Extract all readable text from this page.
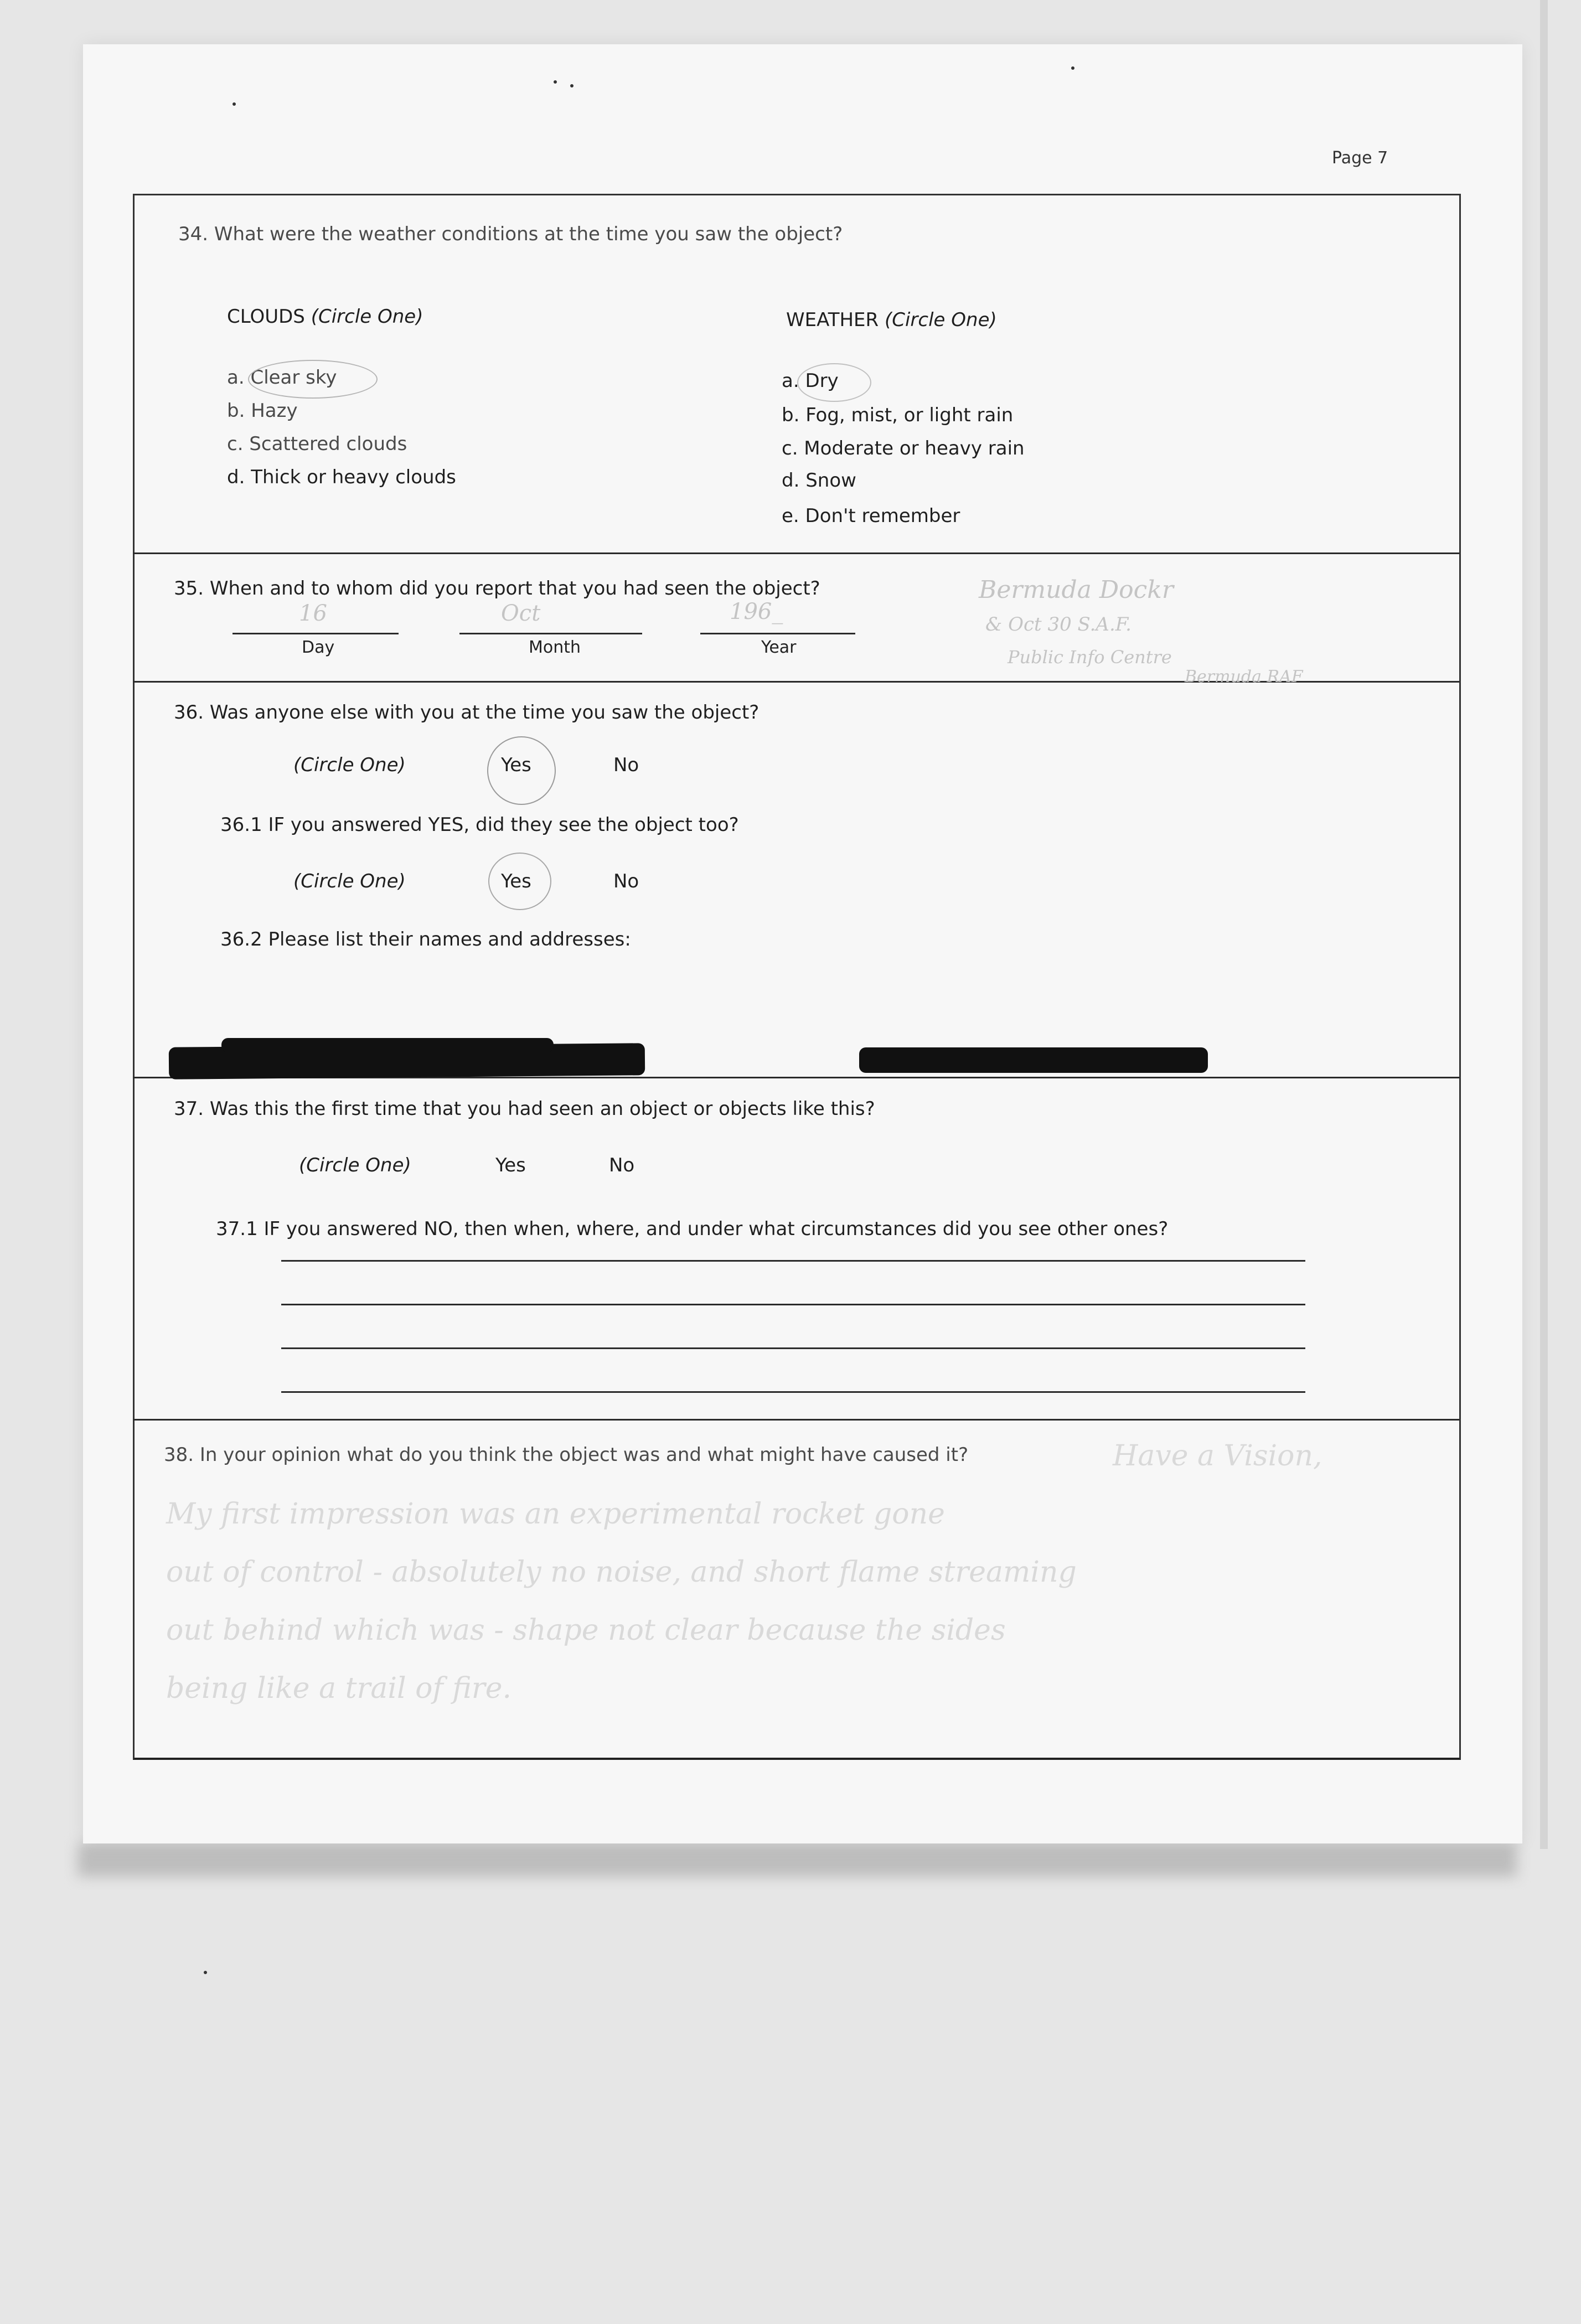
Page 7
34. What were the weather conditions at the time you saw the object?
CLOUDS (Circle One)
a. Clear sky
b. Hazy
c. Scattered clouds
d. Thick or heavy clouds
WEATHER (Circle One)
a. Dry
b. Fog, mist, or light rain
c. Moderate or heavy rain
d. Snow
e. Don't remember
35. When and to whom did you report that you had seen the object?
16	Oct	196_
Day	Month	Year
Bermuda Dockr
& Oct 30 S.A.F.
Public Info Centre
Bermuda RAF
36. Was anyone else with you at the time you saw the object?
(Circle One)	Yes	No
36.1 IF you answered YES, did they see the object too?
(Circle One)	Yes	No
36.2 Please list their names and addresses:
37. Was this the first time that you had seen an object or objects like this?
(Circle One)	Yes	No
37.1 IF you answered NO, then when, where, and under what circumstances did you see other ones?
38. In your opinion what do you think the object was and what might have caused it?	Have a Vision,
My first impression was an experimental rocket gone
out of control - absolutely no noise, and short flame streaming
out behind which was - shape not clear because the sides
being like a trail of fire.
